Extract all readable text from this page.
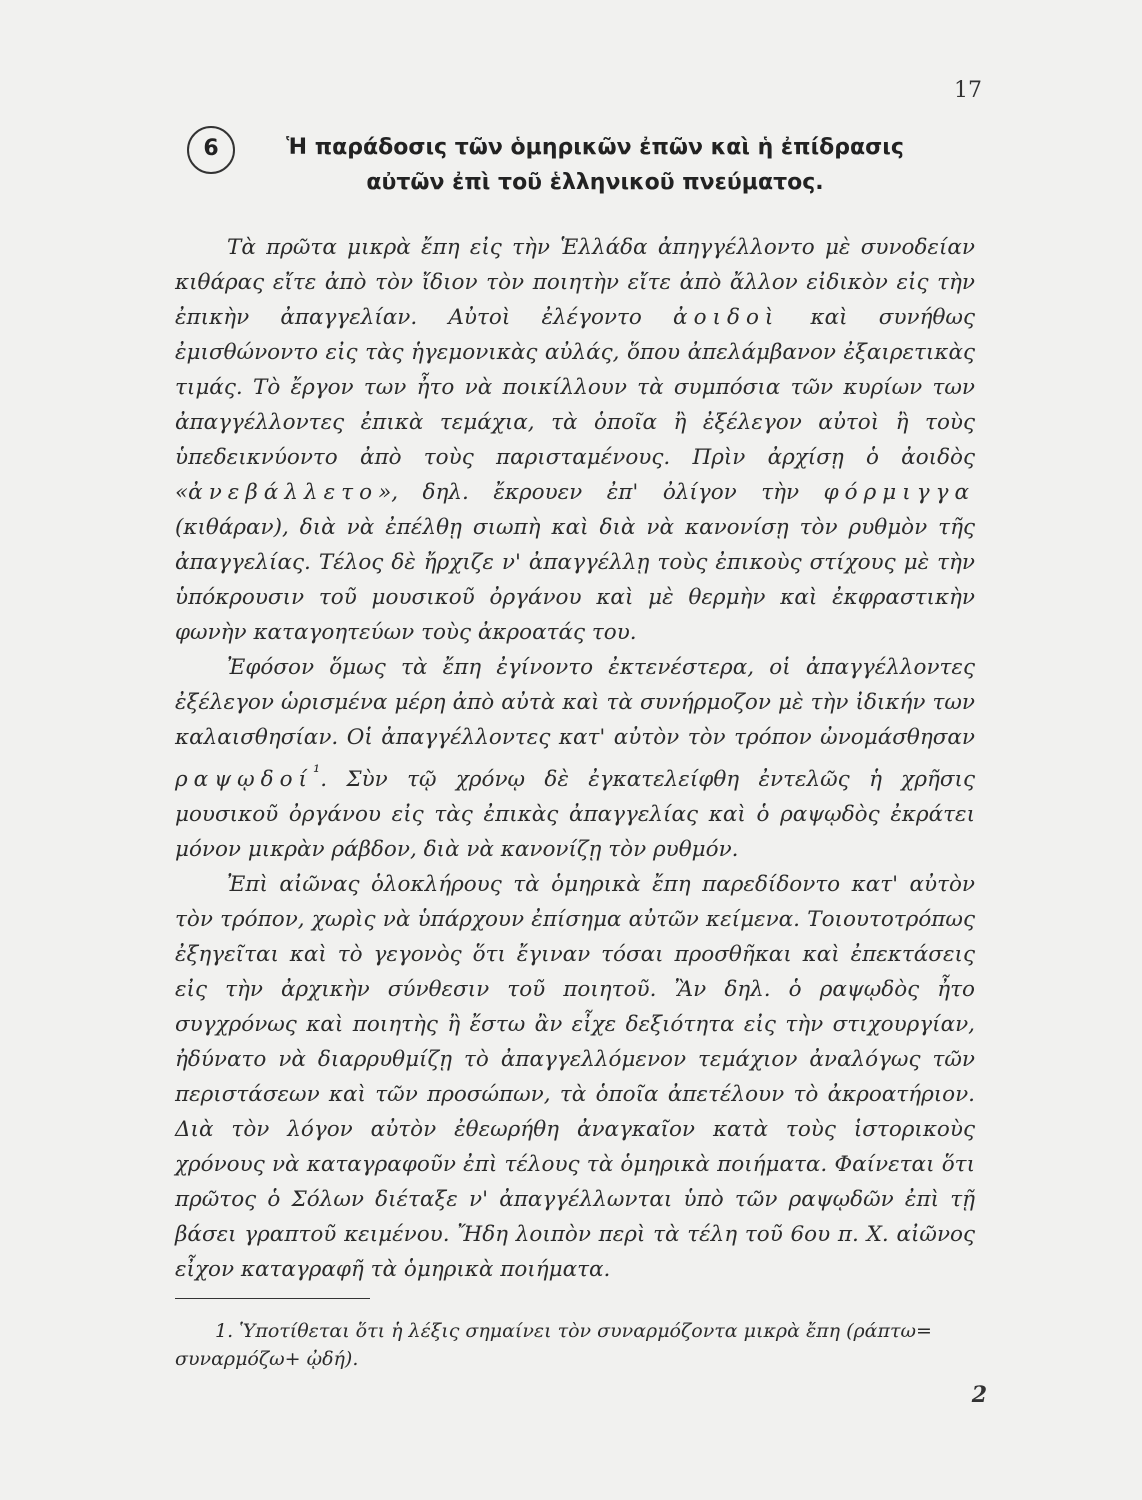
17
6	Ἡ παράδοσις τῶν ὁμηρικῶν ἐπῶν καὶ ἡ ἐπίδρασις
αὐτῶν ἐπὶ τοῦ ἑλληνικοῦ πνεύματος.

Τὰ πρῶτα μικρὰ ἔπη εἰς τὴν Ἑλλάδα ἀπηγγέλλοντο μὲ συνοδείαν κιθάρας εἴτε ἀπὸ τὸν ἴδιον τὸν ποιητὴν εἴτε ἀπὸ ἄλλον εἰδικὸν εἰς τὴν ἐπικὴν ἀπαγγελίαν. Αὐτοὶ ἐλέγοντο ἀοιδοὶ καὶ συνήθως ἐμισθώνοντο εἰς τὰς ἡγεμονικὰς αὐλάς, ὅπου ἀπελάμβανον ἐξαιρετικὰς τιμάς. Τὸ ἔργον των ἦτο νὰ ποικίλλουν τὰ συμπόσια τῶν κυρίων των ἀπαγγέλλοντες ἐπικὰ τεμάχια, τὰ ὁποῖα ἢ ἐξέλεγον αὐτοὶ ἢ τοὺς ὑπεδεικνύοντο ἀπὸ τοὺς παρισταμένους. Πρὶν ἀρχίσῃ ὁ ἀοιδὸς «ἀνεβάλλετο», δηλ. ἔκρουεν ἐπ' ὀλίγον τὴν φόρμιγγα (κιθάραν), διὰ νὰ ἐπέλθῃ σιωπὴ καὶ διὰ νὰ κανονίσῃ τὸν ρυθμὸν τῆς ἀπαγγελίας. Τέλος δὲ ἤρχιζε ν' ἀπαγγέλλῃ τοὺς ἐπικοὺς στίχους μὲ τὴν ὑπόκρουσιν τοῦ μουσικοῦ ὀργάνου καὶ μὲ θερμὴν καὶ ἐκφραστικὴν φωνὴν καταγοητεύων τοὺς ἀκροατάς του.

Ἐφόσον ὅμως τὰ ἔπη ἐγίνοντο ἐκτενέστερα, οἱ ἀπαγγέλλοντες ἐξέλεγον ὡρισμένα μέρη ἀπὸ αὐτὰ καὶ τὰ συνήρμοζον μὲ τὴν ἰδικήν των καλαισθησίαν. Οἱ ἀπαγγέλλοντες κατ' αὐτὸν τὸν τρόπον ὠνομάσθησαν ραψῳδοί$^{^1}$. Σὺν τῷ χρόνῳ δὲ ἐγκατελείφθη ἐντελῶς ἡ χρῆσις μουσικοῦ ὀργάνου εἰς τὰς ἐπικὰς ἀπαγγελίας καὶ ὁ ραψῳδὸς ἐκράτει μόνον μικρὰν ράβδον, διὰ νὰ κανονίζῃ τὸν ρυθμόν.

Ἐπὶ αἰῶνας ὁλοκλήρους τὰ ὁμηρικὰ ἔπη παρεδίδοντο κατ' αὐτὸν τὸν τρόπον, χωρὶς νὰ ὑπάρχουν ἐπίσημα αὐτῶν κείμενα. Τοιουτοτρόπως ἐξηγεῖται καὶ τὸ γεγονὸς ὅτι ἔγιναν τόσαι προσθῆκαι καὶ ἐπεκτάσεις εἰς τὴν ἀρχικὴν σύνθεσιν τοῦ ποιητοῦ. Ἂν δηλ. ὁ ραψῳδὸς ἦτο συγχρόνως καὶ ποιητὴς ἢ ἔστω ἂν εἶχε δεξιότητα εἰς τὴν στιχουργίαν, ἠδύνατο νὰ διαρρυθμίζῃ τὸ ἀπαγγελλόμενον τεμάχιον ἀναλόγως τῶν περιστάσεων καὶ τῶν προσώπων, τὰ ὁποῖα ἀπετέλουν τὸ ἀκροατήριον. Διὰ τὸν λόγον αὐτὸν ἐθεωρήθη ἀναγκαῖον κατὰ τοὺς ἱστορικοὺς χρόνους νὰ καταγραφοῦν ἐπὶ τέλους τὰ ὁμηρικὰ ποιήματα. Φαίνεται ὅτι πρῶτος ὁ Σόλων διέταξε ν' ἀπαγγέλλωνται ὑπὸ τῶν ραψῳδῶν ἐπὶ τῇ βάσει γραπτοῦ κειμένου. Ἤδη λοιπὸν περὶ τὰ τέλη τοῦ 6ου π. Χ. αἰῶνος εἶχον καταγραφῆ τὰ ὁμηρικὰ ποιήματα.

1. Ὑποτίθεται ὅτι ἡ λέξις σημαίνει τὸν συναρμόζοντα μικρὰ ἔπη (ράπτω=
συναρμόζω+ ᾠδή).
2
